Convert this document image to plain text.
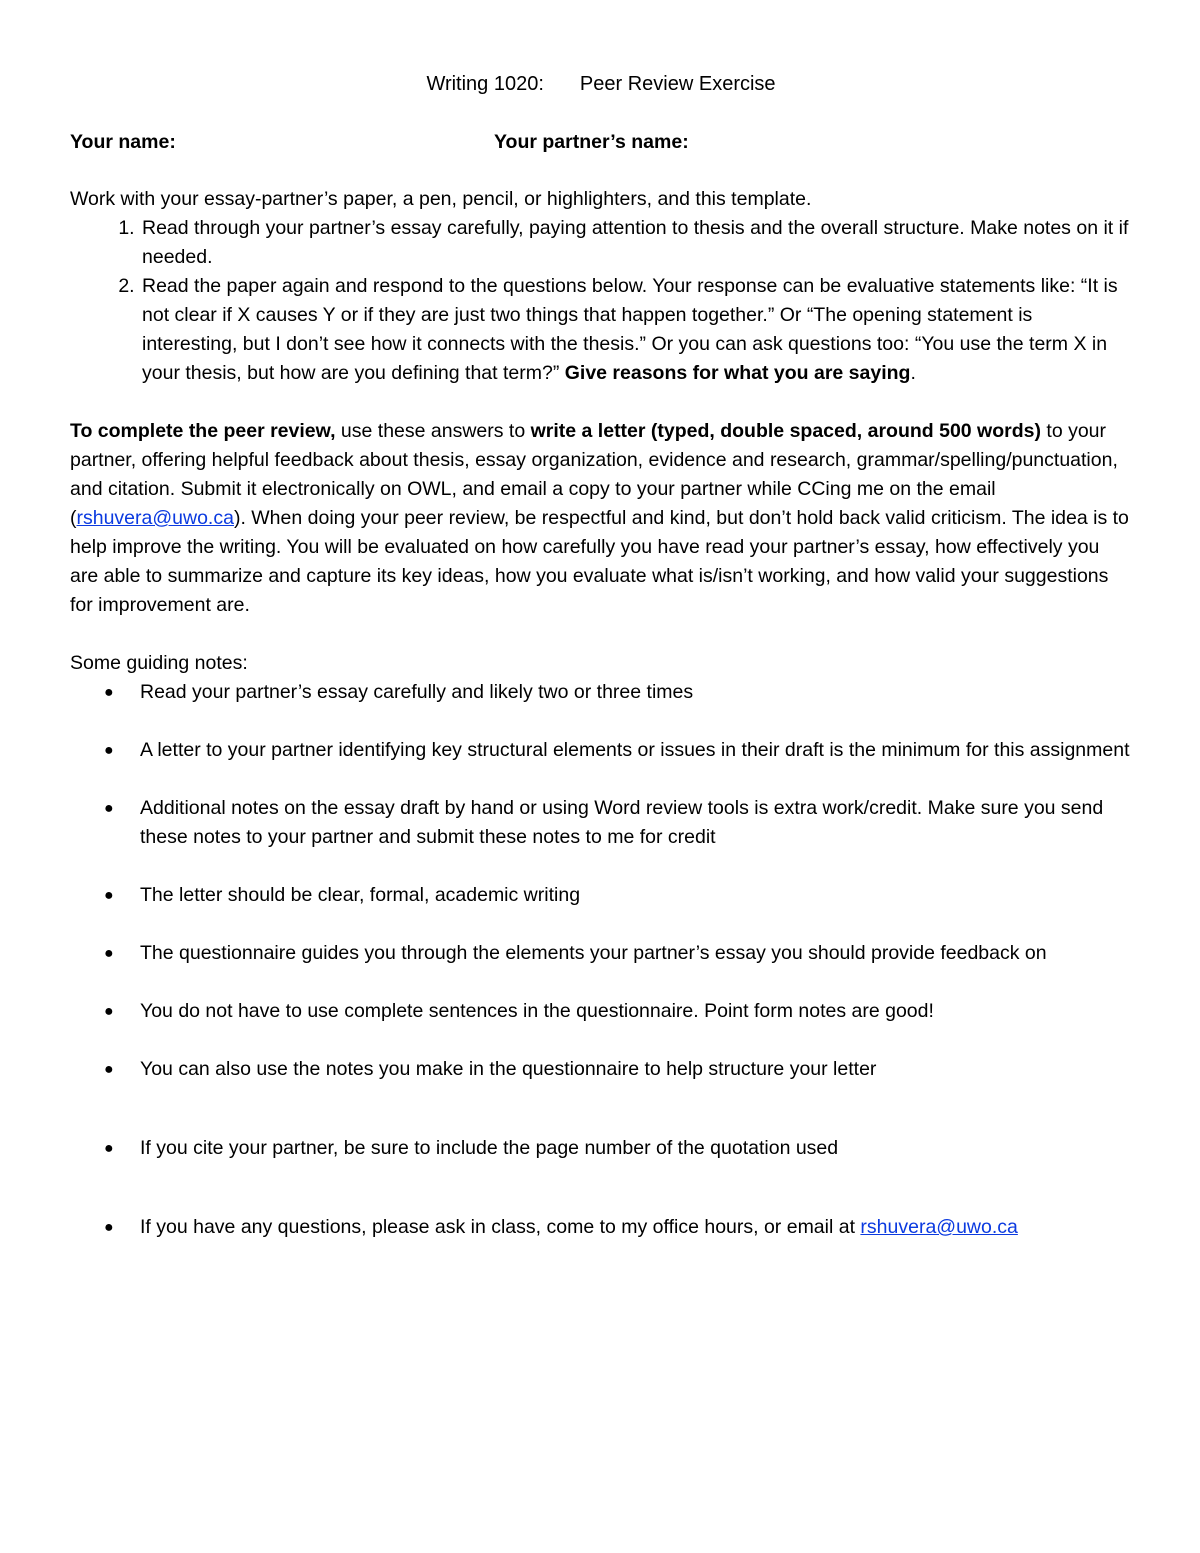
Writing 1020: Peer Review Exercise

Your name:	Your partner’s name:

Work with your essay-partner’s paper, a pen, pencil, or highlighters, and this template.

1. Read through your partner’s essay carefully, paying attention to thesis and the overall structure. Make notes on it if needed.
2. Read the paper again and respond to the questions below. Your response can be evaluative statements like: “It is not clear if X causes Y or if they are just two things that happen together.” Or “The opening statement is interesting, but I don’t see how it connects with the thesis.” Or you can ask questions too: “You use the term X in your thesis, but how are you defining that term?” Give reasons for what you are saying.

To complete the peer review, use these answers to write a letter (typed, double spaced, around 500 words) to your partner, offering helpful feedback about thesis, essay organization, evidence and research, grammar/spelling/punctuation, and citation. Submit it electronically on OWL, and email a copy to your partner while CCing me on the email (rshuvera@uwo.ca). When doing your peer review, be respectful and kind, but don’t hold back valid criticism. The idea is to help improve the writing. You will be evaluated on how carefully you have read your partner’s essay, how effectively you are able to summarize and capture its key ideas, how you evaluate what is/isn’t working, and how valid your suggestions for improvement are.

Some guiding notes:

● Read your partner’s essay carefully and likely two or three times
● A letter to your partner identifying key structural elements or issues in their draft is the minimum for this assignment
● Additional notes on the essay draft by hand or using Word review tools is extra work/credit. Make sure you send these notes to your partner and submit these notes to me for credit
● The letter should be clear, formal, academic writing
● The questionnaire guides you through the elements your partner’s essay you should provide feedback on
● You do not have to use complete sentences in the questionnaire. Point form notes are good!
● You can also use the notes you make in the questionnaire to help structure your letter
● If you cite your partner, be sure to include the page number of the quotation used
● If you have any questions, please ask in class, come to my office hours, or email at rshuvera@uwo.ca
